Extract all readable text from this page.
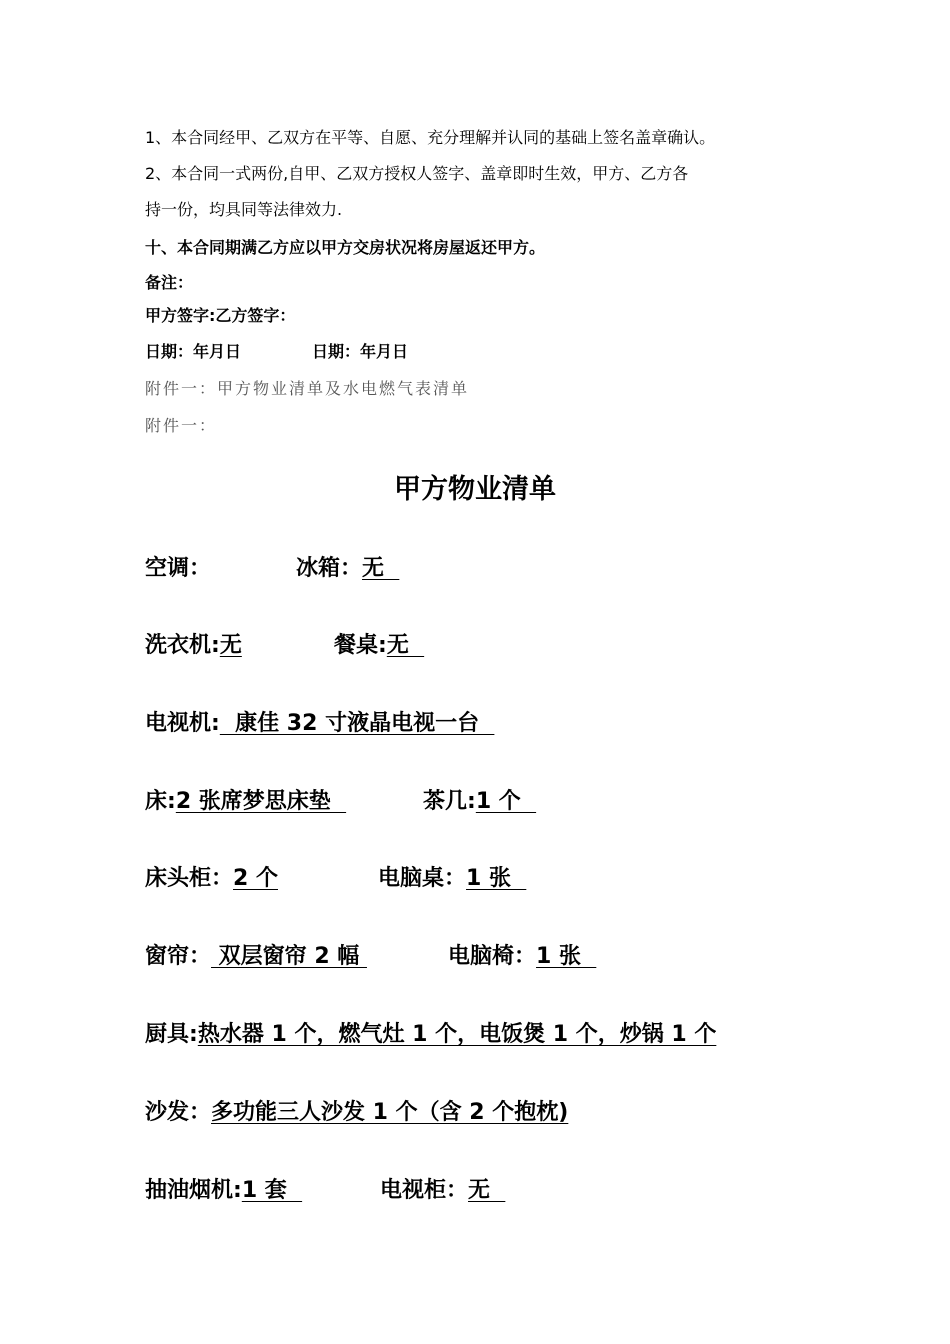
1、本合同经甲、乙双方在平等、自愿、充分理解并认同的基础上签名盖章确认。
2、本合同一式两份,自甲、乙双方授权人签字、盖章即时生效，甲方、乙方各
持一份，均具同等法律效力.
十、本合同期满乙方应以甲方交房状况将房屋返还甲方。
备注：
甲方签字:乙方签字：
日期：年月日	日期：年月日
附件一：甲方物业清单及水电燃气表清单
附件一：
甲方物业清单
空调：	冰箱：无
洗衣机:无	餐桌:无
电视机:  康佳 32 寸液晶电视一台
床:2 张席梦思床垫	茶几:1 个
床头柜：2 个	电脑桌：1 张
窗帘： 双层窗帘 2 幅	电脑椅：1 张
厨具:热水器 1 个，燃气灶 1 个，电饭煲 1 个，炒锅 1 个
沙发：多功能三人沙发 1 个（含 2 个抱枕)
抽油烟机:1 套	电视柜：无
